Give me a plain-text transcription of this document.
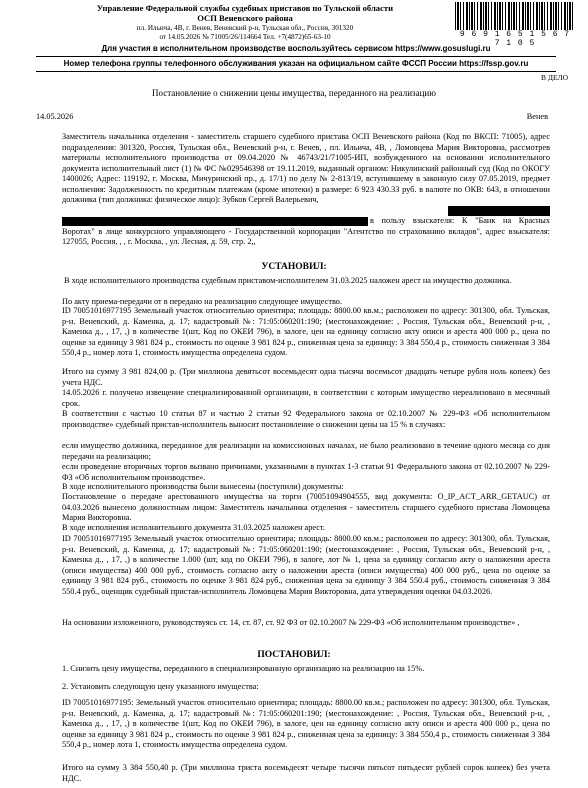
Управление Федеральной службы судебных приставов по Тульской области
ОСП Веневского района
пл. Ильича, 4В, г. Венев, Веневский р-н, Тульская обл., Россия, 301320
от 14.05.2026 № 71005/26/114664 Тел. +7(4872)65-63-10	9 6 9 1 6 5 1 5 6 7 7 1 0 5
Для участия в исполнительном производстве воспользуйтесь сервисом https://www.gosuslugi.ru
Номер телефона группы телефонного обслуживания указан на официальном сайте ФССП России https://fssp.gov.ru
В ДЕЛО
Постановление о снижении цены имущества, переданного на реализацию
14.05.2026	Венев
Заместитель начальника отделения - заместитель старшего судебного пристава ОСП Веневского района (Код по ВКСП: 71005), адрес подразделения: 301320, Россия, Тульская обл., Веневский р-н, г. Венев, , пл. Ильича, 4В, , Ломовцева Мария Викторовна, рассмотрев материалы исполнительного производства от 09.04.2020 № 46743/21/71005-ИП, возбужденного на основании исполнительного документа исполнительный лист (1) № ФС №029546398 от 19.11.2019, выданный органом: Никулинский районный суд (Код по ОКОГУ 1400026; Адрес: 119192, г. Москва, Мичуринский пр., д. 17/1) по делу № 2-813/19, вступившему в законную силу 07.05.2019, предмет исполнения: Задолженность по кредитным платежам (кроме ипотеки) в размере: 6 923 430.33 руб. в валюте по ОКВ: 643, в отношении должника (тип должника: физическое лицо): Зубков Сергей Валерьевич,
в пользу взыскателя: К "Банк на Красных Воротах" в лице конкурсного управляющего - Государственной корпорации "Агентство по страхованию вкладов", адрес взыскателя: 127055, Россия, , , г. Москва, , ул. Лесная, д. 59, стр. 2,,
УСТАНОВИЛ:
В ходе исполнительного производства судебным приставом-исполнителем 31.03.2025 наложен арест на имущество должника.
По акту приема-передачи от в передано на реализацию следующее имущество.
ID 70051016977195 Земельный участок относительно ориентира; площадь: 8800.00 кв.м.; расположен по адресу: 301300, обл. Тульская, р-н. Веневский, д. Каменка, д. 17; кадастровый №: 71:05:060201:190; (местонахождение: , Россия, Тульская обл., Веневский р-н, , Каменка д., , 17, ,) в количестве 1(шт, Код по ОКЕИ 796), в залоге, цен на единицу согласно акту описи и ареста 400 000 р., цена по оценке за единицу 3 981 824 р., стоимость по оценке 3 981 824 р., сниженная цена за единицу: 3 384 550,4 р., стоимость сниженная 3 384 550,4 р., номер лота 1, стоимость имущества определена судом.
Итого на сумму 3 981 824,00 р. (Три миллиона девятьсот восемьдесят одна тысяча восемьсот двадцать четыре рубля ноль копеек) без учета НДС.
14.05.2026 г. получено извещение специализированной организации, в соответствии с которым имущество нереализовано в месячный срок.
В соответствии с частью 10 статьи 87 и частью 2 статьи 92 Федерального закона от 02.10.2007 № 229-ФЗ «Об исполнительном производстве» судебный пристав-исполнитель выносит постановление о снижении цены на 15 % в случаях:
если имущество должника, переданное для реализации на комиссионных началах, не было реализовано в течение одного месяца со дня передачи на реализацию;
если проведение вторичных торгов вызвано причинами, указанными в пунктах 1-3 статьи 91 Федерального закона от 02.10.2007 № 229-ФЗ «Об исполнительном производстве».
В ходе исполнительного производства были вынесены (поступили) документы:
Постановление о передаче арестованного имущества на торги (70051094904555, вид документа: O_IP_ACT_ARR_GETAUC) от 04.03.2026 вынесено должностным лицом: Заместитель начальника отделения - заместитель старшего судебного пристава Ломовцева Мария Викторовна.
В ходе исполнения исполнительного документа 31.03.2025 наложен арест.
ID 70051016977195 Земельный участок относительно ориентира; площадь: 8800.00 кв.м.; расположен по адресу: 301300, обл. Тульская, р-н. Веневский, д. Каменка, д. 17; кадастровый №: 71:05:060201:190; (местонахождение: , Россия, Тульская обл., Веневский р-н, , Каменка д., , 17, ,) в количестве 1.000 (шт, код по ОКЕИ 796), в залоге, лот № 1, цена за единицу согласно акту о наложении ареста (описи имущества) 400 000 руб., стоимость согласно акту о наложении ареста (описи имущества) 400 000 руб., цена по оценке за единицу 3 981 824 руб., стоимость по оценке 3 981 824 руб., сниженная цена за единицу 3 384 550.4 руб., стоимость сниженная 3 384 550.4 руб., оценщик судебный пристав-исполнитель Ломовцева Мария Викторовна, дата утверждения оценки 04.03.2026.
На основании изложенного, руководствуясь ст. 14, ст. 87, ст. 92 ФЗ от 02.10.2007 № 229-ФЗ «Об исполнительном производстве» ,
ПОСТАНОВИЛ:
1. Снизить цену имущества, переданного в специализированную организацию на реализацию на 15%.
2. Установить следующую цену указанного имущества:
ID 70051016977195: Земельный участок относительно ориентира; площадь: 8800.00 кв.м.; расположен по адресу: 301300, обл. Тульская, р-н. Веневский, д. Каменка, д. 17; кадастровый №: 71:05:060201:190; (местонахождение: , Россия, Тульская обл., Веневский р-н, , Каменка д., , 17, ,) в количестве 1(шт, Код по ОКЕИ 796), в залоге, цен на единицу согласно акту описи и ареста 400 000 р., цена по оценке за единицу 3 981 824 р., стоимость по оценке 3 981 824 р., сниженная цена за единицу: 3 384 550,4 р., стоимость сниженная 3 384 550,4 р., номер лота 1, стоимость имущества определена судом.
Итого на сумму 3 384 550,40 р. (Три миллиона триста восемьдесят четыре тысячи пятьсот пятьдесят рублей сорок копеек) без учета НДС.
